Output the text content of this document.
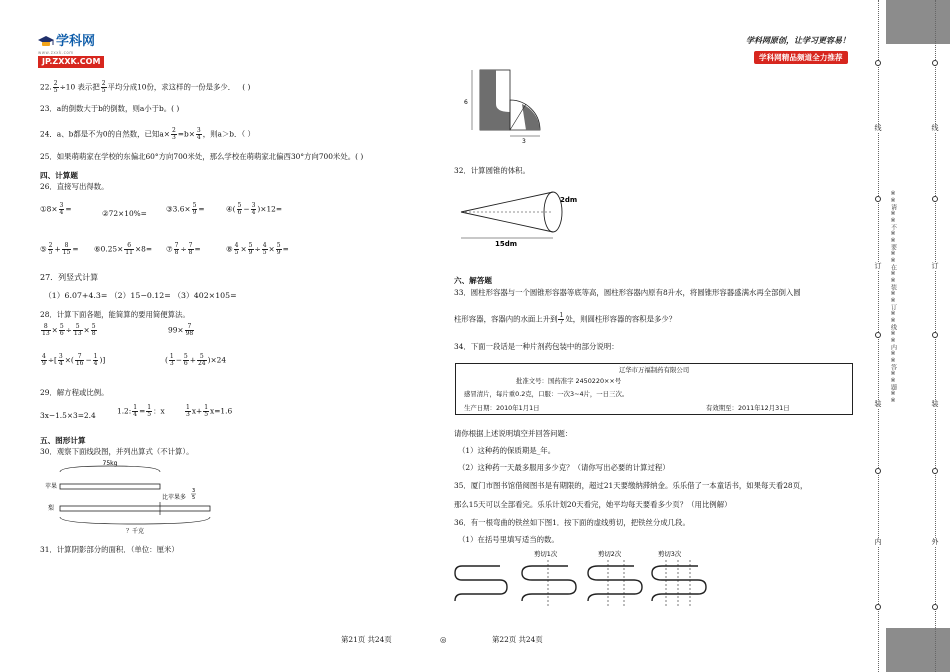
学科网
www.zxxk.com
JP.ZXXK.COM
学科网原创，让学习更容易！
学科网精品频道全力推荐
22. $\frac{2}{5} \div 10$ 表示把 $\frac{2}{5}$ 平均分成10份，求这样的一份是多少． ( )
23．a的倒数大于b的倒数，则a小于b。( )
24．a、b都是不为0的自然数，已知$a\times \frac{2}{3} =b\times \frac{3}{4}$ ，则a＞b．（ ）
25．如果萌萌家在学校的东偏北60°方向700米处，那么学校在萌萌家北偏西30°方向700米处。( )
四、计算题
26．直接写出得数。
①8× $\frac{3}{4}$ =	②72×10%=	③3.6× $\frac{5}{9}$ =	④( $\frac{5}{6} - \frac{3}{4} )\times 12=$
⑤ $\frac{2}{5} + \frac{8}{15}$ = ⑥0.25× $\frac{6}{11} \times 8=$ ⑦ $\frac{7}{8} \div \frac{7}{8}$ =	⑧ $\frac{4}{5} \times \frac{5}{9} \div \frac{4}{5} \times \frac{5}{9}$ =
27．列竖式计算
（1）6.07+4.3= （2）15−0.12= （3）402×105=
28．计算下面各题，能简算的要用简便算法。
$\frac{8}{13} \times \frac{5}{6} \div \frac{5}{13} \times \frac{5}{8}$	$99\times \frac{7}{98}$
$\frac{4}{9}$ ÷[ $\frac{3}{4}$ ×( $\frac{7}{16} - \frac{1}{4}$ )]	( $\frac{1}{3} - \frac{5}{6} + \frac{5}{24} )\times 24$
29．解方程或比例。
3x−1.5×3=2.4	1.2: $\frac{1}{4} = \frac{1}{5}$ ：x	$\frac{1}{3} x+ \frac{1}{5} x=1.6$
五、图形计算
30．观察下面线段图，并列出算式（不计算）。
75kg
苹果
梨
比苹果多
3
5
？千克
31．计算阴影部分的面积．（单位：厘米）
6
3
32．计算圆锥的体积。
2dm
15dm
六、解答题
33．圆柱形容器与一个圆锥形容器等底等高，圆柱形容器内原有8升水，将圆锥形容器盛满水再全部倒入圆
柱形容器，容器内的水面上升到 $\frac{1}{7}$ 处，则圆柱形容器的容积是多少？
34．下面一段话是一种片剂药包装中的部分说明：
辽华市万福制药有限公司
批准文号：国药准字 2450220××号
感冒清片，每片重0.2克，口服：一次3~4片，一日三次。
生产日期：2010年1月1日	有效期至：2011年12月31日
请你根据上述说明填空并回答问题：
（1）这种药的保质期是_年。
（2）这种药一天最多服用多少克？（请你写出必要的计算过程）
35．厦门市图书馆借阅图书是有期限的，超过21天要缴纳滞纳金。乐乐借了一本童话书，如果每天看28页，
那么15天可以全部看完。乐乐计划20天看完，她平均每天要看多少页？（用比例解）
36．有一根弯曲的铁丝如下图1．按下面的虚线剪切，把铁丝分成几段。
（1）在括号里填写适当的数。
剪切1次	剪切2次	剪切3次
第21页 共24页	◎	第22页 共24页
线
订
装
内
线
订
装
外
※※请※※不※※要※※在※※装※※订※※线※※内※※答※※题※※
